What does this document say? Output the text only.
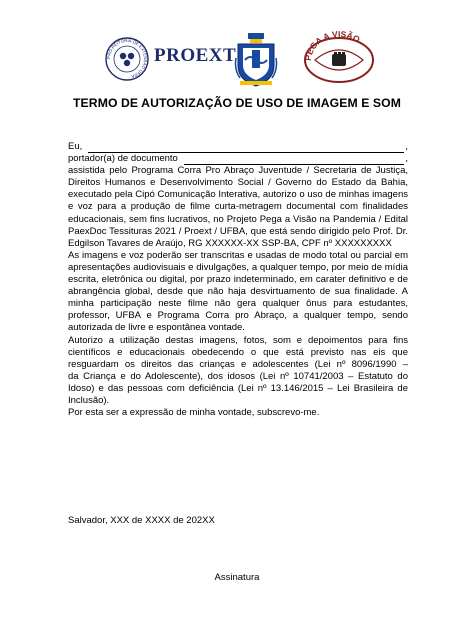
PRÓ-REITORIA DE EXTENSÃO UFBA
PROEXT	PEGA A VISÃO
TERMO DE AUTORIZAÇÃO DE USO DE IMAGEM E SOM
Eu,	,
portador(a) de documento	,
assistida pelo Programa Corra Pro Abraço Juventude / Secretaria de Justiça,
Direitos Humanos e Desenvolvimento Social / Governo do Estado da Bahia,
executado pela Cipó Comunicação Interativa, autorizo o uso de minhas imagens
e voz para a produção de filme curta-metragem documental com finalidades
educacionais, sem fins lucrativos, no Projeto Pega a Visão na Pandemia / Edital
PaexDoc Tessituras 2021 / Proext / UFBA, que está sendo dirigido pelo Prof. Dr.
Edgilson Tavares de Araújo, RG XXXXXX-XX SSP-BA, CPF nº XXXXXXXXX
As imagens e voz poderão ser transcritas e usadas de modo total ou parcial em
apresentações audiovisuais e divulgações, a qualquer tempo, por meio de mídia
escrita, eletrônica ou digital, por prazo indeterminado, em carater definitivo e de
abrangência global, desde que não haja desvirtuamento de sua finalidade. A
minha participação neste filme não gera qualquer ônus para estudantes,
professor, UFBA e Programa Corra pro Abraço, a qualquer tempo, sendo
autorizada de livre e espontânea vontade.
Autorizo a utilização destas imagens, fotos, som e depoimentos para fins
científicos e educacionais obedecendo o que está previsto nas eis que
resguardam os direitos das crianças e adolescentes (Lei nº 8096/1990 –
da Criança e do Adolescente), dos idosos (Lei nº 10741/2003 – Estatuto do
Idoso) e das pessoas com deficiência (Lei nº 13.146/2015 – Lei Brasileira de
Inclusão).
Por esta ser a expressão de minha vontade, subscrevo-me.
Salvador, XXX de XXXX de 202XX
Assinatura
